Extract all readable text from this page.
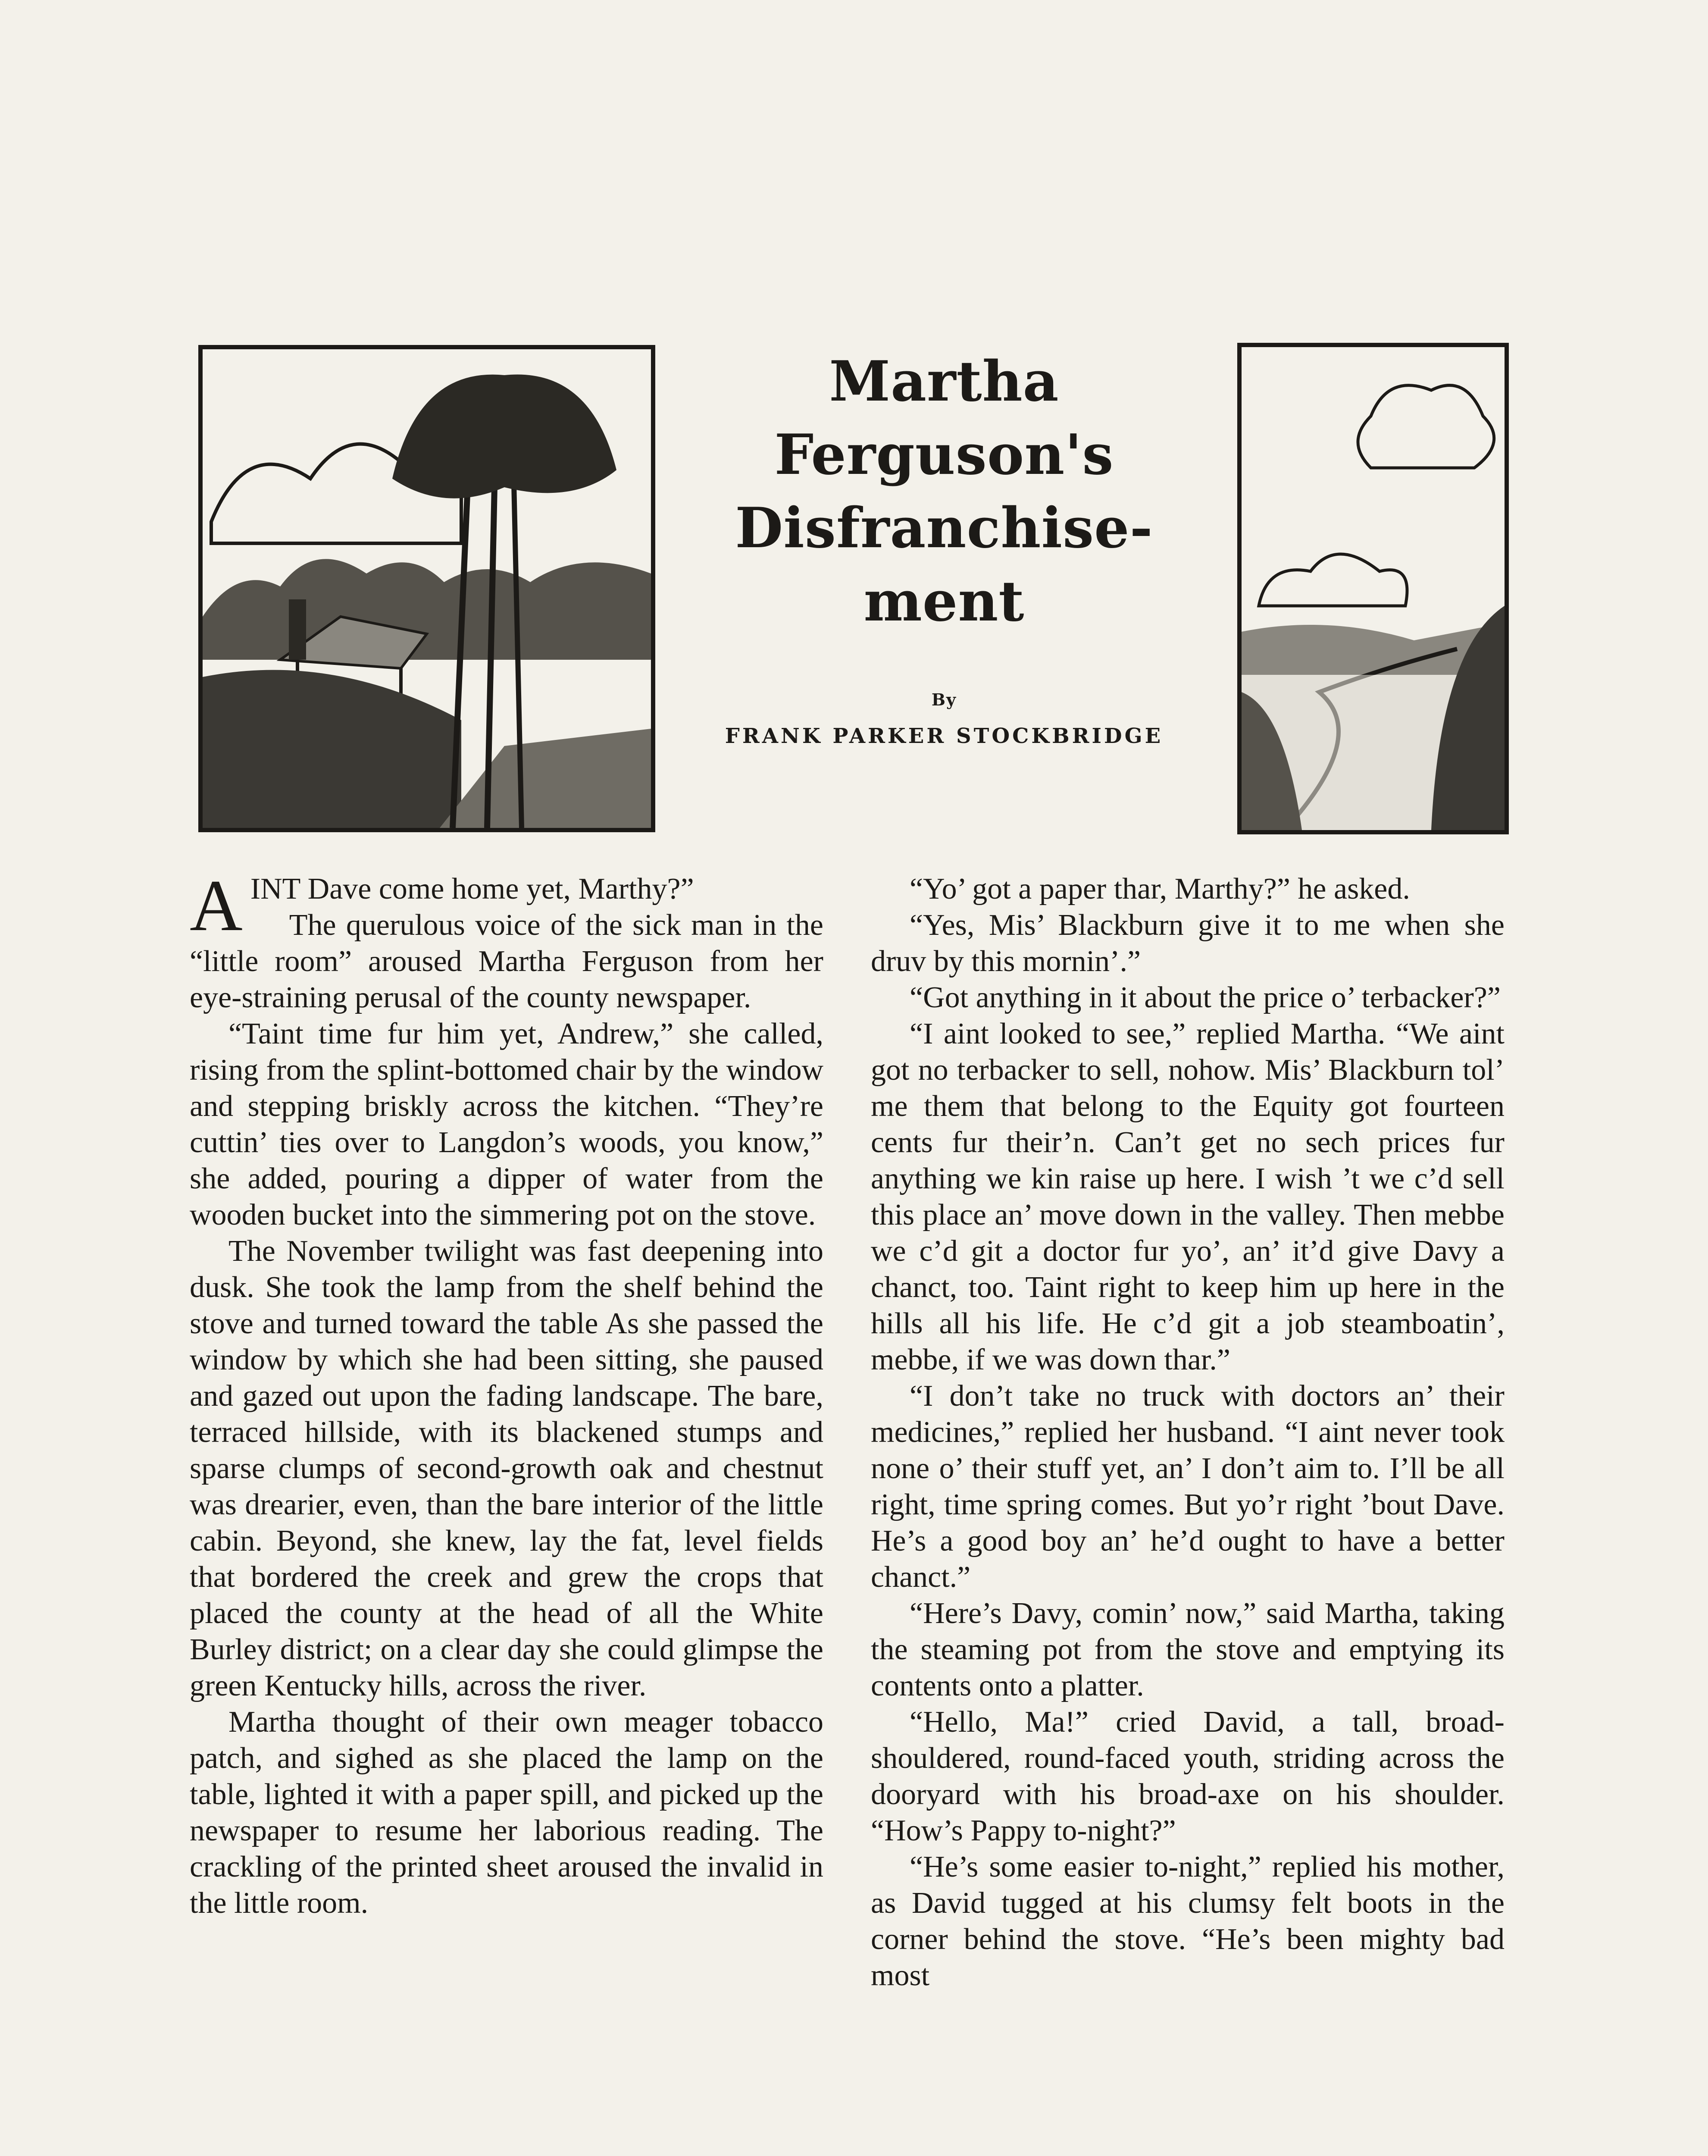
Martha
Ferguson's
Disfranchise-
ment
By
FRANK PARKER STOCKBRIDGE

AINT Dave come home yet, Marthy?”

The querulous voice of the sick man in the “little room” aroused Martha Ferguson from her eye-straining perusal of the county newspaper.

“Taint time fur him yet, Andrew,” she called, rising from the splint-bottomed chair by the window and stepping briskly across the kitchen. “They’re cuttin’ ties over to Langdon’s woods, you know,” she added, pouring a dipper of water from the wooden bucket into the simmering pot on the stove.

The November twilight was fast deepening into dusk. She took the lamp from the shelf behind the stove and turned toward the table As she passed the window by which she had been sitting, she paused and gazed out upon the fading landscape. The bare, terraced hillside, with its blackened stumps and sparse clumps of second-growth oak and chestnut was drearier, even, than the bare interior of the little cabin. Beyond, she knew, lay the fat, level fields that bordered the creek and grew the crops that placed the county at the head of all the White Burley district; on a clear day she could glimpse the green Kentucky hills, across the river.

Martha thought of their own meager tobacco patch, and sighed as she placed the lamp on the table, lighted it with a paper spill, and picked up the newspaper to resume her laborious reading. The crackling of the printed sheet aroused the invalid in the little room.

“Yo’ got a paper thar, Marthy?” he asked.

“Yes, Mis’ Blackburn give it to me when she druv by this mornin’.”

“Got anything in it about the price o’ terbacker?”

“I aint looked to see,” replied Martha. “We aint got no terbacker to sell, nohow. Mis’ Blackburn tol’ me them that belong to the Equity got fourteen cents fur their’n. Can’t get no sech prices fur anything we kin raise up here. I wish ’t we c’d sell this place an’ move down in the valley. Then mebbe we c’d git a doctor fur yo’, an’ it’d give Davy a chanct, too. Taint right to keep him up here in the hills all his life. He c’d git a job steamboatin’, mebbe, if we was down thar.”

“I don’t take no truck with doctors an’ their medicines,” replied her husband. “I aint never took none o’ their stuff yet, an’ I don’t aim to. I’ll be all right, time spring comes. But yo’r right ’bout Dave. He’s a good boy an’ he’d ought to have a better chanct.”

“Here’s Davy, comin’ now,” said Martha, taking the steaming pot from the stove and emptying its contents onto a platter.

“Hello, Ma!” cried David, a tall, broad-shouldered, round-faced youth, striding across the dooryard with his broad-axe on his shoulder. “How’s Pappy to-night?”

“He’s some easier to-night,” replied his mother, as David tugged at his clumsy felt boots in the corner behind the stove. “He’s been mighty bad most
